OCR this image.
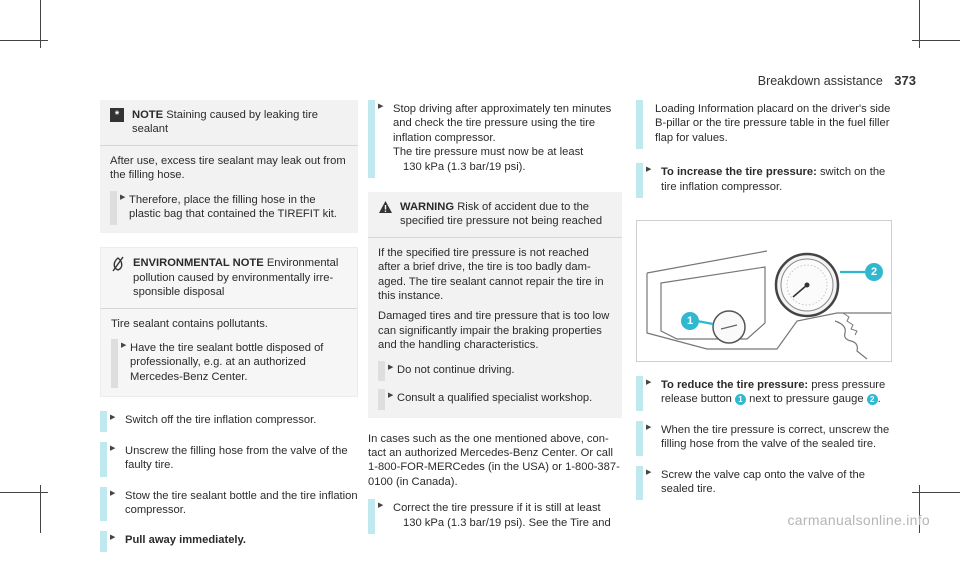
Breakdown assistance 373
*	NOTE Staining caused by leaking tire sealant
After use, excess tire sealant may leak out from the filling hose.
▶ Therefore, place the filling hose in the plastic bag that contained the TIREFIT kit.
ENVIRONMENTAL NOTE Environmental pollution caused by environmentally irresponsible disposal
Tire sealant contains pollutants.
▶ Have the tire sealant bottle disposed of professionally, e.g. at an authorized Mercedes-Benz Center.
▶ Switch off the tire inflation compressor.
▶ Unscrew the filling hose from the valve of the faulty tire.
▶ Stow the tire sealant bottle and the tire inflation compressor.
▶ Pull away immediately.
▶ Stop driving after approximately ten minutes and check the tire pressure using the tire inflation compressor.
The tire pressure must now be at least
130 kPa (1.3 bar/19 psi).
WARNING Risk of accident due to the specified tire pressure not being reached

If the specified tire pressure is not reached after a brief drive, the tire is too badly damaged. The tire sealant cannot repair the tire in this instance.

Damaged tires and tire pressure that is too low can significantly impair the braking properties and the handling characteristics.

▶ Do not continue driving.
▶ Consult a qualified specialist workshop.

In cases such as the one mentioned above, contact an authorized Mercedes-Benz Center. Or call 1-800-FOR-MERCedes (in the USA) or 1-800-387-0100 (in Canada).

▶ Correct the tire pressure if it is still at least
130 kPa (1.3 bar/19 psi). See the Tire and
Loading Information placard on the driver's side B-pillar or the tire pressure table in the fuel filler flap for values.
▶ To increase the tire pressure: switch on the tire inflation compressor.
2
1
▶ To reduce the tire pressure: press pressure release button 1 next to pressure gauge 2 .
▶ When the tire pressure is correct, unscrew the filling hose from the valve of the sealed tire.
▶ Screw the valve cap onto the valve of the sealed tire.
carmanualsonline.info
